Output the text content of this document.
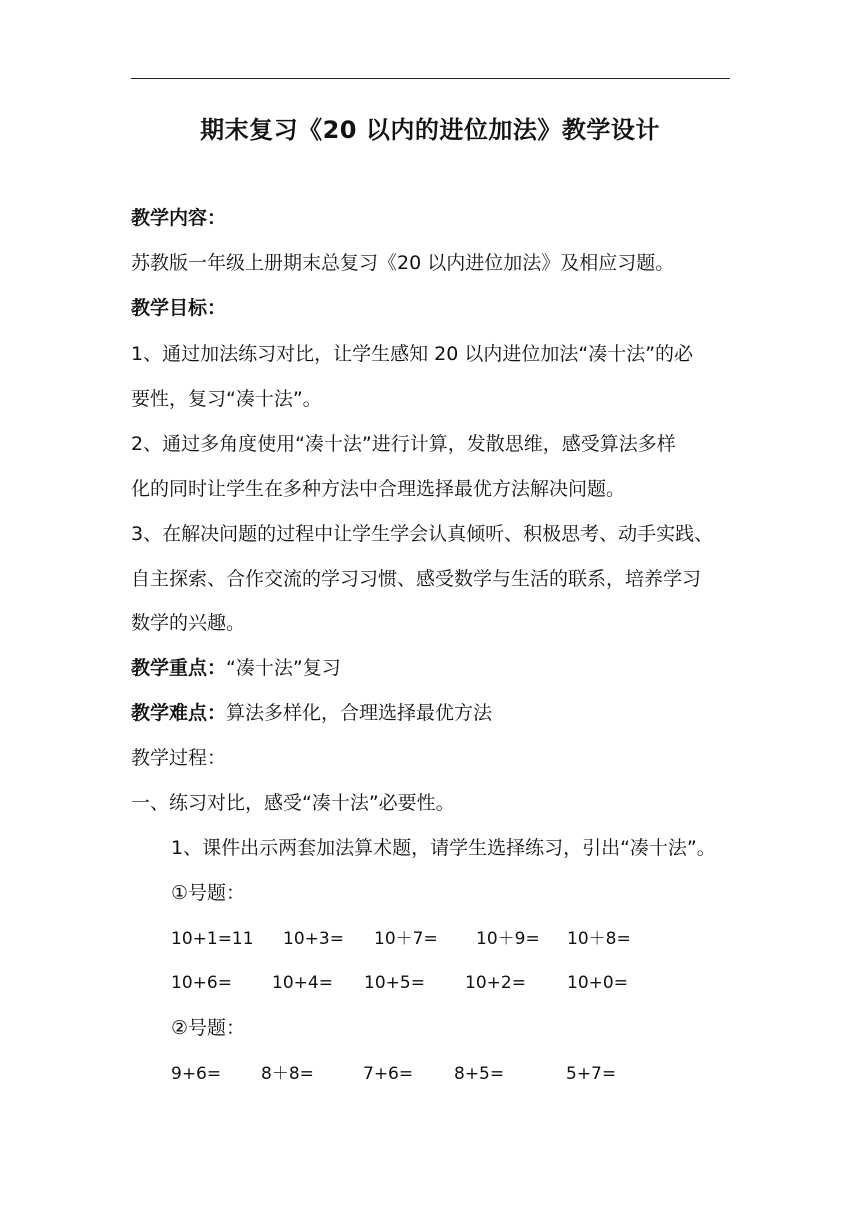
期末复习《20 以内的进位加法》教学设计
教学内容：
苏教版一年级上册期末总复习《20 以内进位加法》及相应习题。
教学目标：
1、通过加法练习对比，让学生感知 20 以内进位加法“凑十法”的必
要性，复习“凑十法”。
2、通过多角度使用“凑十法”进行计算，发散思维，感受算法多样
化的同时让学生在多种方法中合理选择最优方法解决问题。
3、在解决问题的过程中让学生学会认真倾听、积极思考、动手实践、
自主探索、合作交流的学习习惯、感受数学与生活的联系，培养学习
数学的兴趣。
教学重点：“凑十法”复习
教学难点：算法多样化，合理选择最优方法
教学过程：
一、练习对比，感受“凑十法”必要性。
1、课件出示两套加法算术题，请学生选择练习，引出“凑十法”。
①号题：
10+1=11 10+3= 10＋7= 10＋9= 10＋8=
10+6= 10+4= 10+5= 10+2= 10+0=
②号题：
9+6= 8＋8=	7+6= 8+5=	5+7=
